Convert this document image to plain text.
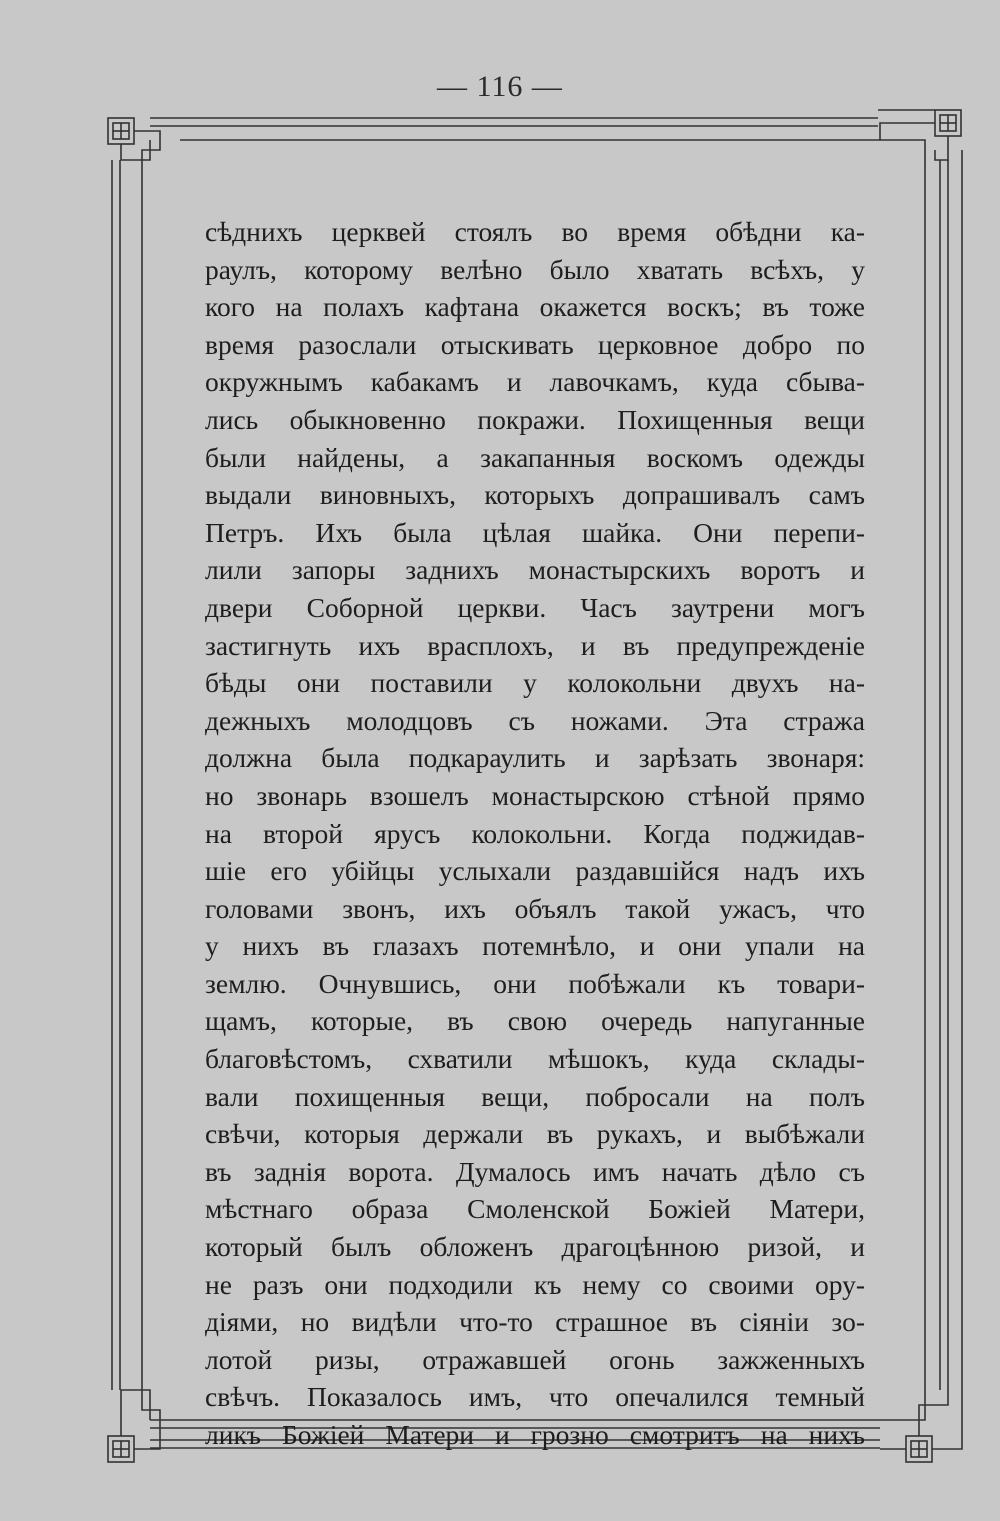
— 116 —
сѣднихъ церквей стоялъ во время обѣдни ка-
раулъ, которому велѣно было хватать всѣхъ, у
кого на полахъ кафтана окажется воскъ; въ тоже
время разослали отыскивать церковное добро по
окружнымъ кабакамъ и лавочкамъ, куда сбыва-
лись обыкновенно покражи. Похищенныя вещи
были найдены, а закапанныя воскомъ одежды
выдали виновныхъ, которыхъ допрашивалъ самъ
Петръ. Ихъ была цѣлая шайка. Они перепи-
лили запоры заднихъ монастырскихъ воротъ и
двери Соборной церкви. Часъ заутрени могъ
застигнуть ихъ врасплохъ, и въ предупрежденіе
бѣды они поставили у колокольни двухъ на-
дежныхъ молодцовъ съ ножами. Эта стража
должна была подкараулить и зарѣзать звонаря:
но звонарь взошелъ монастырскою стѣной прямо
на второй ярусъ колокольни. Когда поджидав-
шіе его убійцы услыхали раздавшійся надъ ихъ
головами звонъ, ихъ объялъ такой ужасъ, что
у нихъ въ глазахъ потемнѣло, и они упали на
землю. Очнувшись, они побѣжали къ товари-
щамъ, которые, въ свою очередь напуганные
благовѣстомъ, схватили мѣшокъ, куда склады-
вали похищенныя вещи, побросали на полъ
свѣчи, которыя держали въ рукахъ, и выбѣжали
въ заднія ворота. Думалось имъ начать дѣло съ
мѣстнаго образа Смоленской Божіей Матери,
который былъ обложенъ драгоцѣнною ризой, и
не разъ они подходили къ нему со своими ору-
діями, но видѣли что-то страшное въ сіяніи зо-
лотой ризы, отражавшей огонь зажженныхъ
свѣчъ. Показалось имъ, что опечалился темный
ликъ Божіей Матери и грозно смотритъ на нихъ
